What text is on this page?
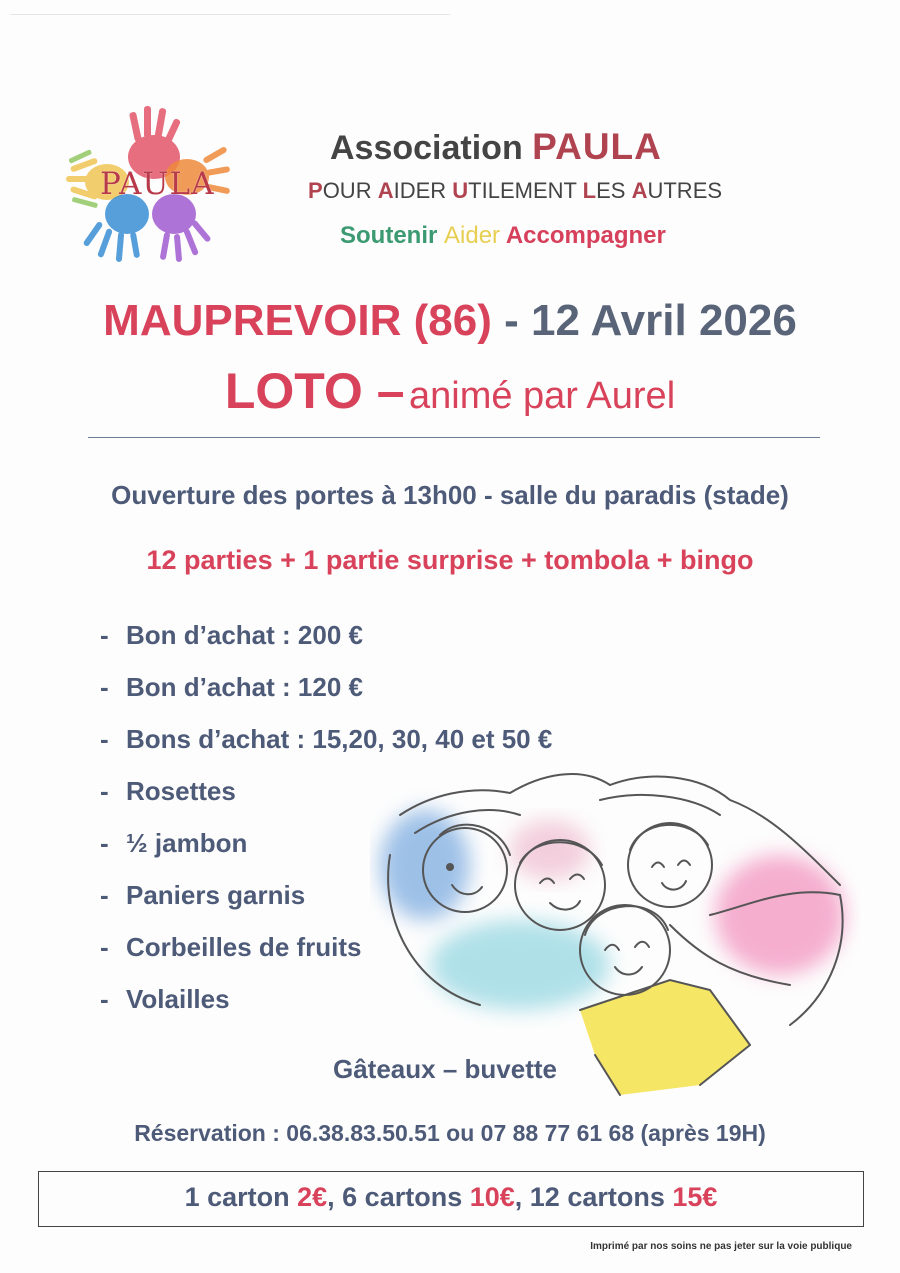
PAULA
Association PAULA
POUR AIDER UTILEMENT LES AUTRES
Soutenir Aider Accompagner
MAUPREVOIR (86) - 12 Avril 2026
LOTO – animé par Aurel
Ouverture des portes à 13h00 - salle du paradis (stade)
12 parties + 1 partie surprise + tombola + bingo
- Bon d’achat : 200 €
- Bon d’achat : 120 €
- Bons d’achat : 15,20, 30, 40 et 50 €
- Rosettes
- ½ jambon
- Paniers garnis
- Corbeilles de fruits
- Volailles
Gâteaux – buvette
Réservation : 06.38.83.50.51 ou 07 88 77 61 68 (après 19H)
1 carton 2€, 6 cartons 10€, 12 cartons 15€
Imprimé par nos soins ne pas jeter sur la voie publique
